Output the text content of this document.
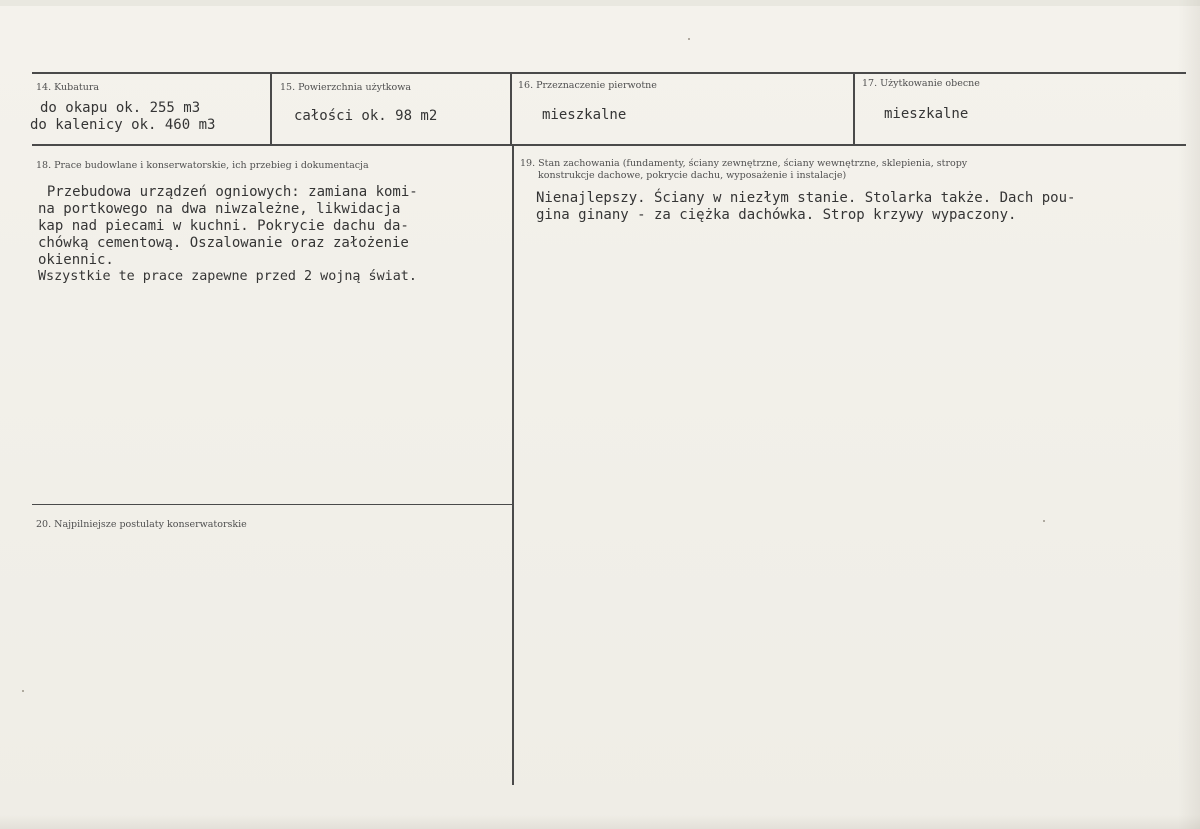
14. Kubatura
do okapu ok. 255 m3
do kalenicy ok. 460 m3
15. Powierzchnia użytkowa
całości ok. 98 m2
16. Przeznaczenie pierwotne
mieszkalne
17. Użytkowanie obecne
mieszkalne
18. Prace budowlane i konserwatorskie, ich przebieg i dokumentacja
Przebudowa urządzeń ogniowych: zamiana komi-
na portkowego na dwa niwzależne, likwidacja
kap nad piecami w kuchni. Pokrycie dachu da-
chówką cementową. Oszalowanie oraz założenie
okiennic.
Wszystkie te prace zapewne przed 2 wojną świat.
19. Stan zachowania (fundamenty, ściany zewnętrzne, ściany wewnętrzne, sklepienia, stropy
konstrukcje dachowe, pokrycie dachu, wyposażenie i instalacje)
Nienajlepszy. Ściany w niezłym stanie. Stolarka także. Dach pou-
gina ginany - za ciężka dachówka. Strop krzywy wypaczony.
20. Najpilniejsze postulaty konserwatorskie
